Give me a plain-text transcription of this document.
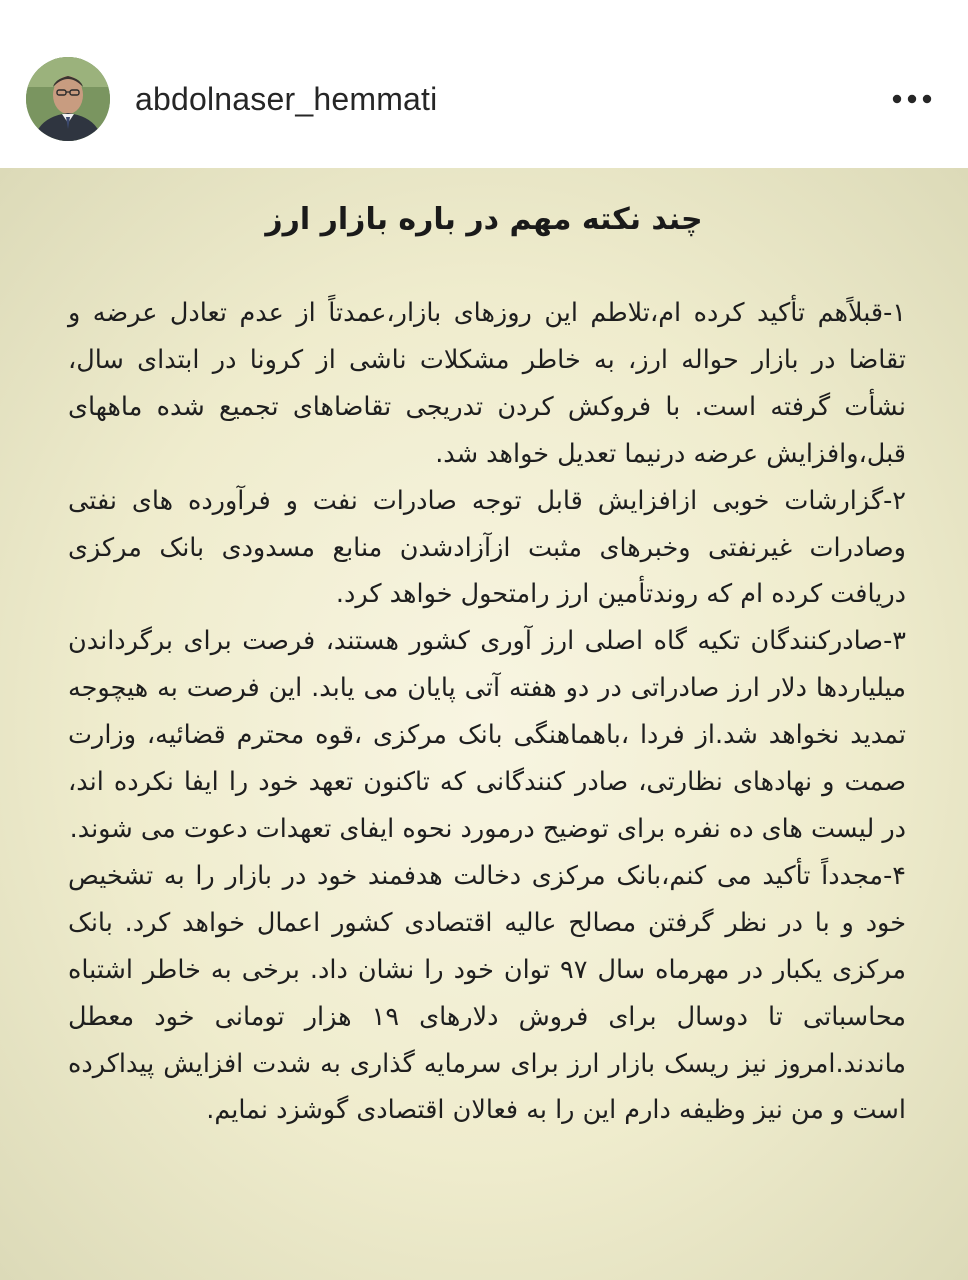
abdolnaser_hemmati
چند نکته مهم در باره بازار ارز

۱-قبلاًهم تأکید کرده ام،تلاطم این روزهای بازار،عمدتاً از عدم تعادل عرضه و تقاضا در بازار حواله ارز، به خاطر مشکلات ناشی از کرونا در ابتدای سال، نشأت گرفته است. با فروکش کردن تدریجی تقاضاهای تجمیع شده ماههای قبل،وافزایش عرضه درنیما تعدیل خواهد شد.

۲-گزارشات خوبی ازافزایش قابل توجه صادرات نفت و فرآورده های نفتی وصادرات غیرنفتی وخبرهای مثبت ازآزادشدن منابع مسدودی بانک مرکزی دریافت کرده ام که روندتأمین ارز رامتحول خواهد کرد.

۳-صادرکنندگان تکیه گاه اصلی ارز آوری کشور هستند، فرصت برای برگرداندن میلیاردها دلار ارز صادراتی در دو هفته آتی پایان می یابد. این فرصت به هیچوجه تمدید نخواهد شد.از فردا ،باهماهنگی بانک مرکزی ،قوه محترم قضائیه، وزارت صمت و نهادهای نظارتی، صادر کنندگانی که تاکنون تعهد خود را ایفا نکرده اند، در لیست های ده نفره برای توضیح درمورد نحوه ایفای تعهدات دعوت می شوند.

۴-مجدداً تأکید می کنم،بانک مرکزی دخالت هدفمند خود در بازار را به تشخیص خود و با در نظر گرفتن مصالح عالیه اقتصادی کشور اعمال خواهد کرد. بانک مرکزی یکبار در مهرماه سال ۹۷ توان خود را نشان داد. برخی به خاطر اشتباه محاسباتی تا دوسال برای فروش دلارهای ۱۹ هزار تومانی خود معطل ماندند.امروز نیز ریسک بازار ارز برای سرمایه گذاری به شدت افزایش پیداکرده است و من نیز وظیفه دارم این را به فعالان اقتصادی گوشزد نمایم.
